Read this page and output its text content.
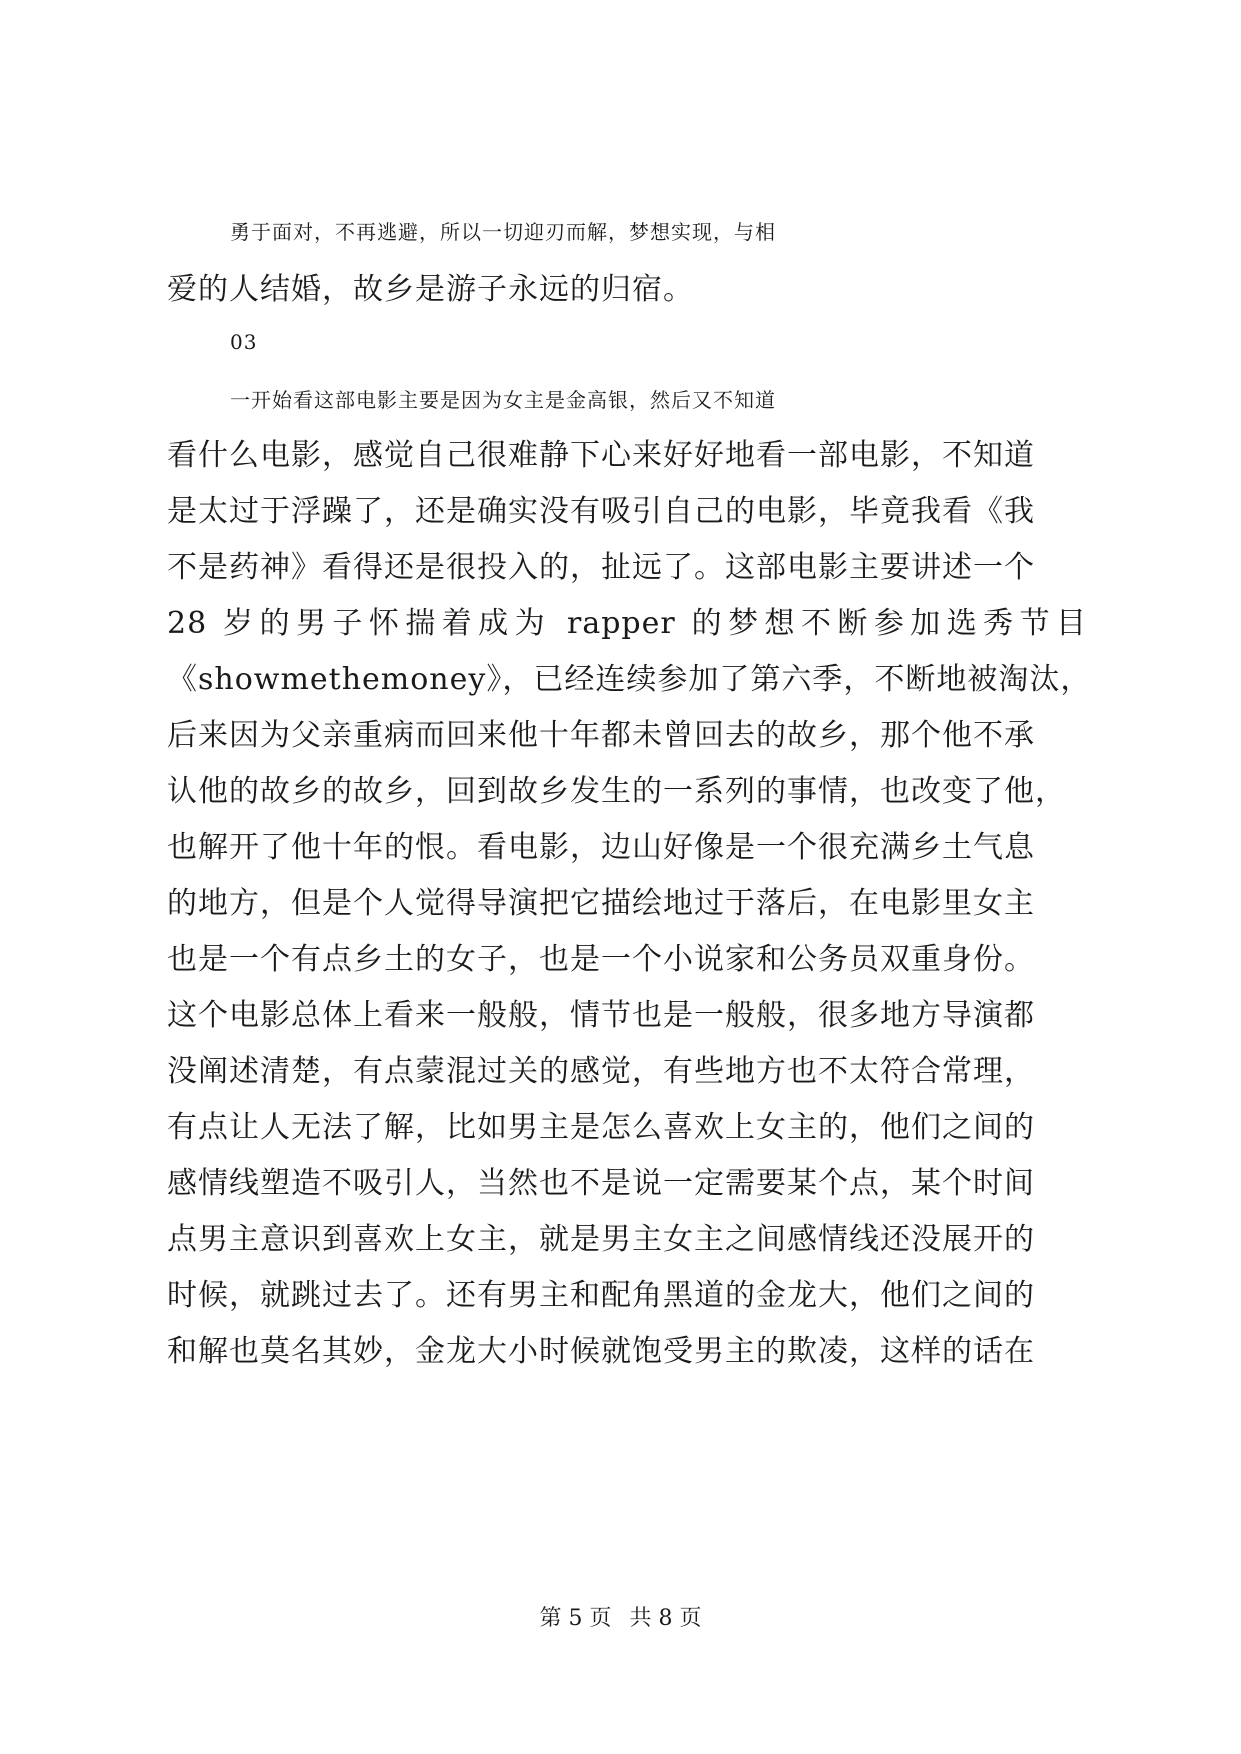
勇于面对，不再逃避，所以一切迎刃而解，梦想实现，与相
爱的人结婚，故乡是游子永远的归宿。
03
一开始看这部电影主要是因为女主是金高银，然后又不知道
看什么电影，感觉自己很难静下心来好好地看一部电影，不知道
是太过于浮躁了，还是确实没有吸引自己的电影，毕竟我看《我
不是药神》看得还是很投入的，扯远了。这部电影主要讲述一个
28 岁的男子怀揣着成为 rapper 的梦想不断参加选秀节目
《showmethemoney》，已经连续参加了第六季，不断地被淘汰，
后来因为父亲重病而回来他十年都未曾回去的故乡，那个他不承
认他的故乡的故乡，回到故乡发生的一系列的事情，也改变了他，
也解开了他十年的恨。看电影，边山好像是一个很充满乡土气息
的地方，但是个人觉得导演把它描绘地过于落后，在电影里女主
也是一个有点乡土的女子，也是一个小说家和公务员双重身份。
这个电影总体上看来一般般，情节也是一般般，很多地方导演都
没阐述清楚，有点蒙混过关的感觉，有些地方也不太符合常理，
有点让人无法了解，比如男主是怎么喜欢上女主的，他们之间的
感情线塑造不吸引人，当然也不是说一定需要某个点，某个时间
点男主意识到喜欢上女主，就是男主女主之间感情线还没展开的
时候，就跳过去了。还有男主和配角黑道的金龙大，他们之间的
和解也莫名其妙，金龙大小时候就饱受男主的欺凌，这样的话在
第 5 页 共 8 页
